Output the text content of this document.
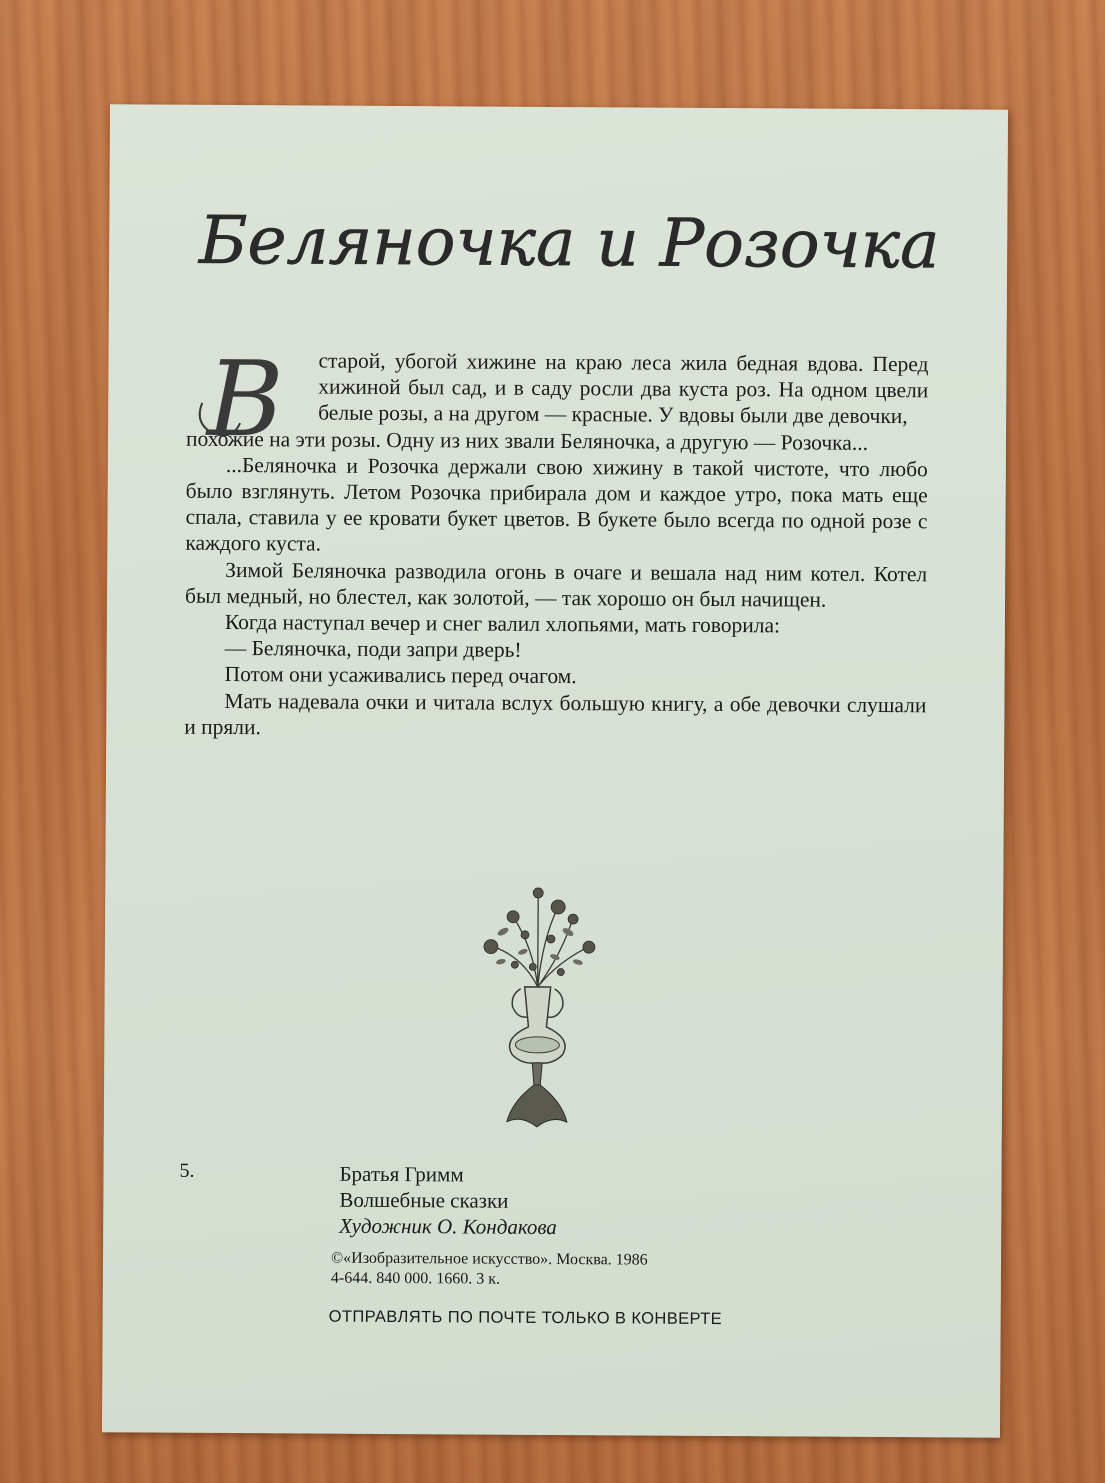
Беляночка и Розочка
В старой, убогой хижине на краю леса жила бедная вдова. Перед хижиной был сад, и в саду росли два куста роз. На одном цвели белые розы, а на другом — красные. У вдовы были две девочки,

похожие на эти розы. Одну из них звали Беляночка, а другую — Розочка...

...Беляночка и Розочка держали свою хижину в такой чистоте, что любо было взглянуть. Летом Розочка прибирала дом и каждое утро, пока мать еще спала, ставила у ее кровати букет цветов. В букете было всегда по одной розе с каждого куста.

Зимой Беляночка разводила огонь в очаге и вешала над ним котел. Котел был медный, но блестел, как золотой, — так хорошо он был начищен.

Когда наступал вечер и снег валил хлопьями, мать говорила:

— Беляночка, поди запри дверь!

Потом они усаживались перед очагом.

Мать надевала очки и читала вслух большую книгу, а обе девочки слушали и пряли.

5.	Братья Гримм
Волшебные сказки
Художник О. Кондакова
©«Изобразительное искусство». Москва. 1986
4-644. 840 000. 1660. 3 к.
ОТПРАВЛЯТЬ ПО ПОЧТЕ ТОЛЬКО В КОНВЕРТЕ
